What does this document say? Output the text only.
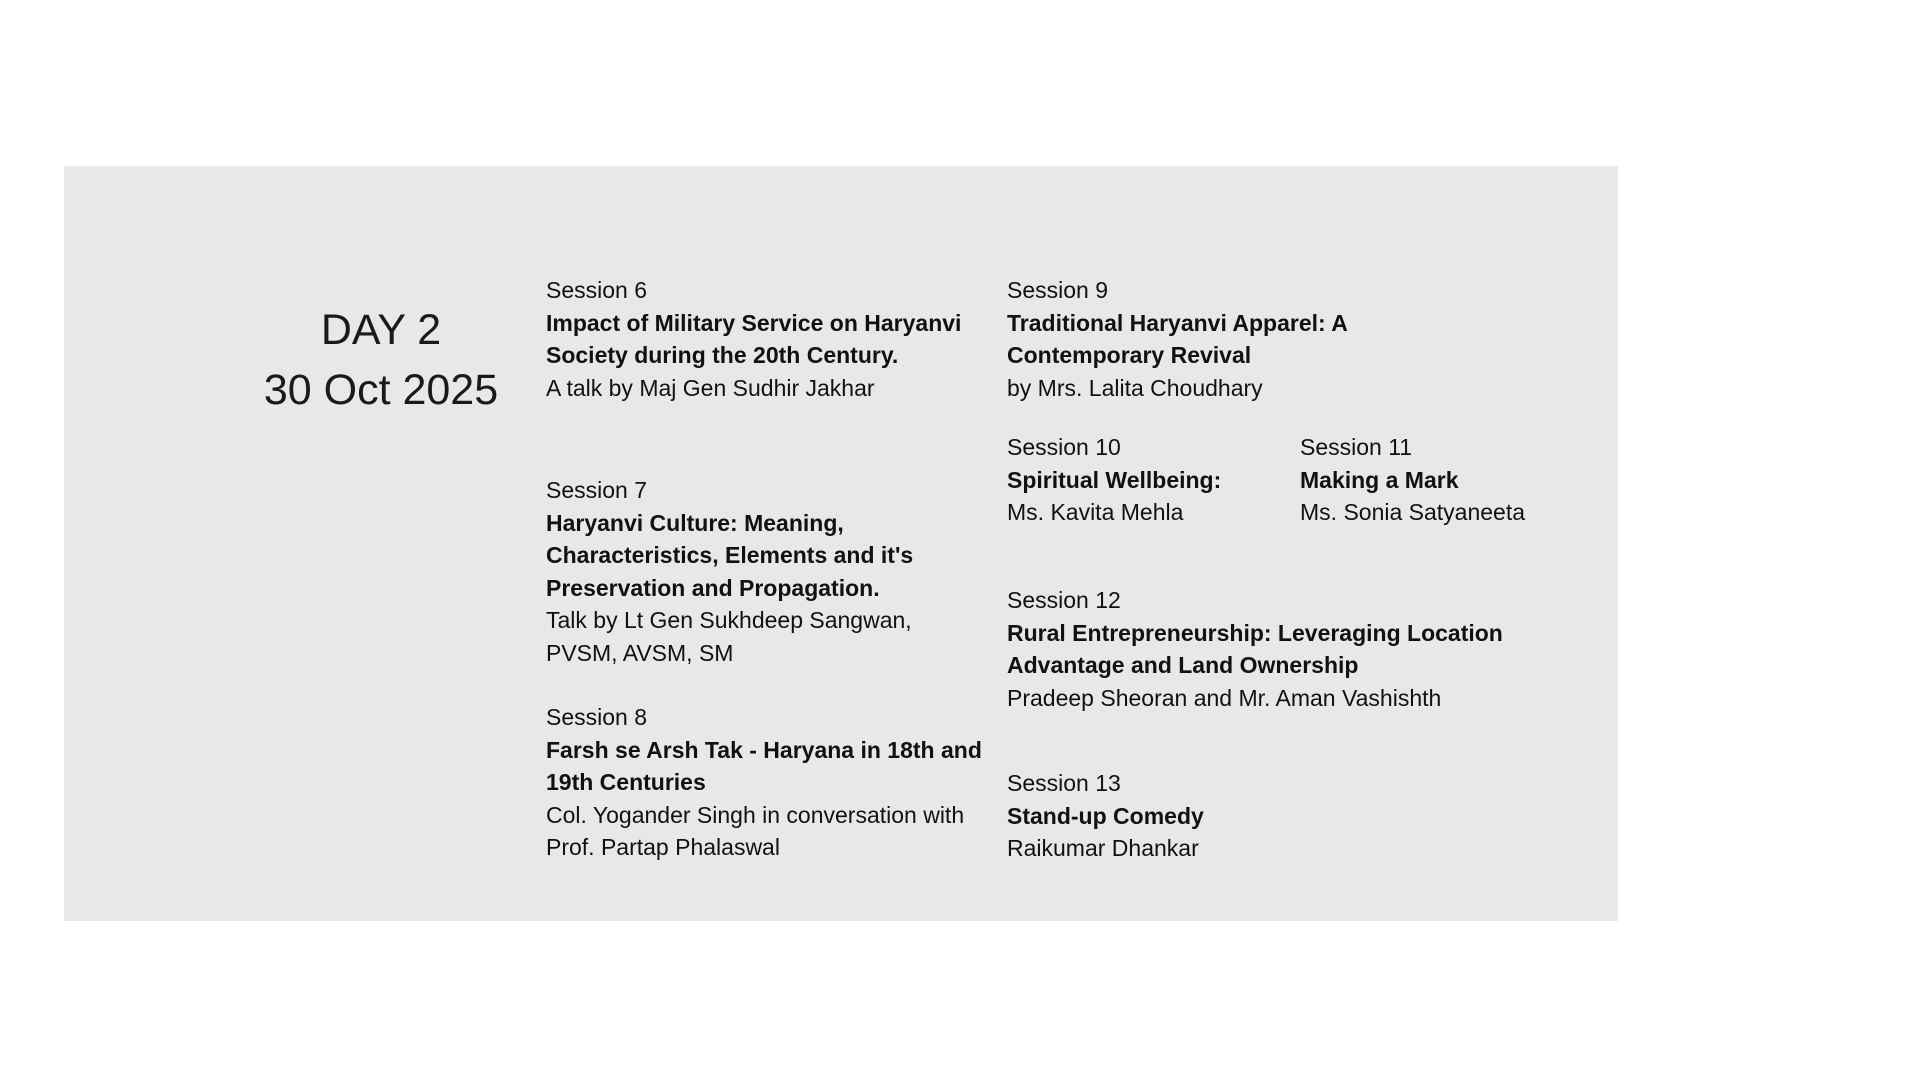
DAY 2
30 Oct 2025
Session 6
Impact of Military Service on Haryanvi Society during the 20th Century.
A talk by Maj Gen Sudhir Jakhar
Session 7
Haryanvi Culture: Meaning, Characteristics, Elements and it's Preservation and Propagation.
Talk by Lt Gen Sukhdeep Sangwan, PVSM, AVSM, SM
Session 8
Farsh se Arsh Tak - Haryana in 18th and 19th Centuries
Col. Yogander Singh in conversation with Prof. Partap Phalaswal
Session 9
Traditional Haryanvi Apparel: A Contemporary Revival
by Mrs. Lalita Choudhary
Session 10
Spiritual Wellbeing:
Ms. Kavita Mehla
Session 11
Making a Mark
Ms. Sonia Satyaneeta
Session 12
Rural Entrepreneurship: Leveraging Location Advantage and Land Ownership
Pradeep Sheoran and Mr. Aman Vashishth
Session 13
Stand-up Comedy
Raikumar Dhankar
